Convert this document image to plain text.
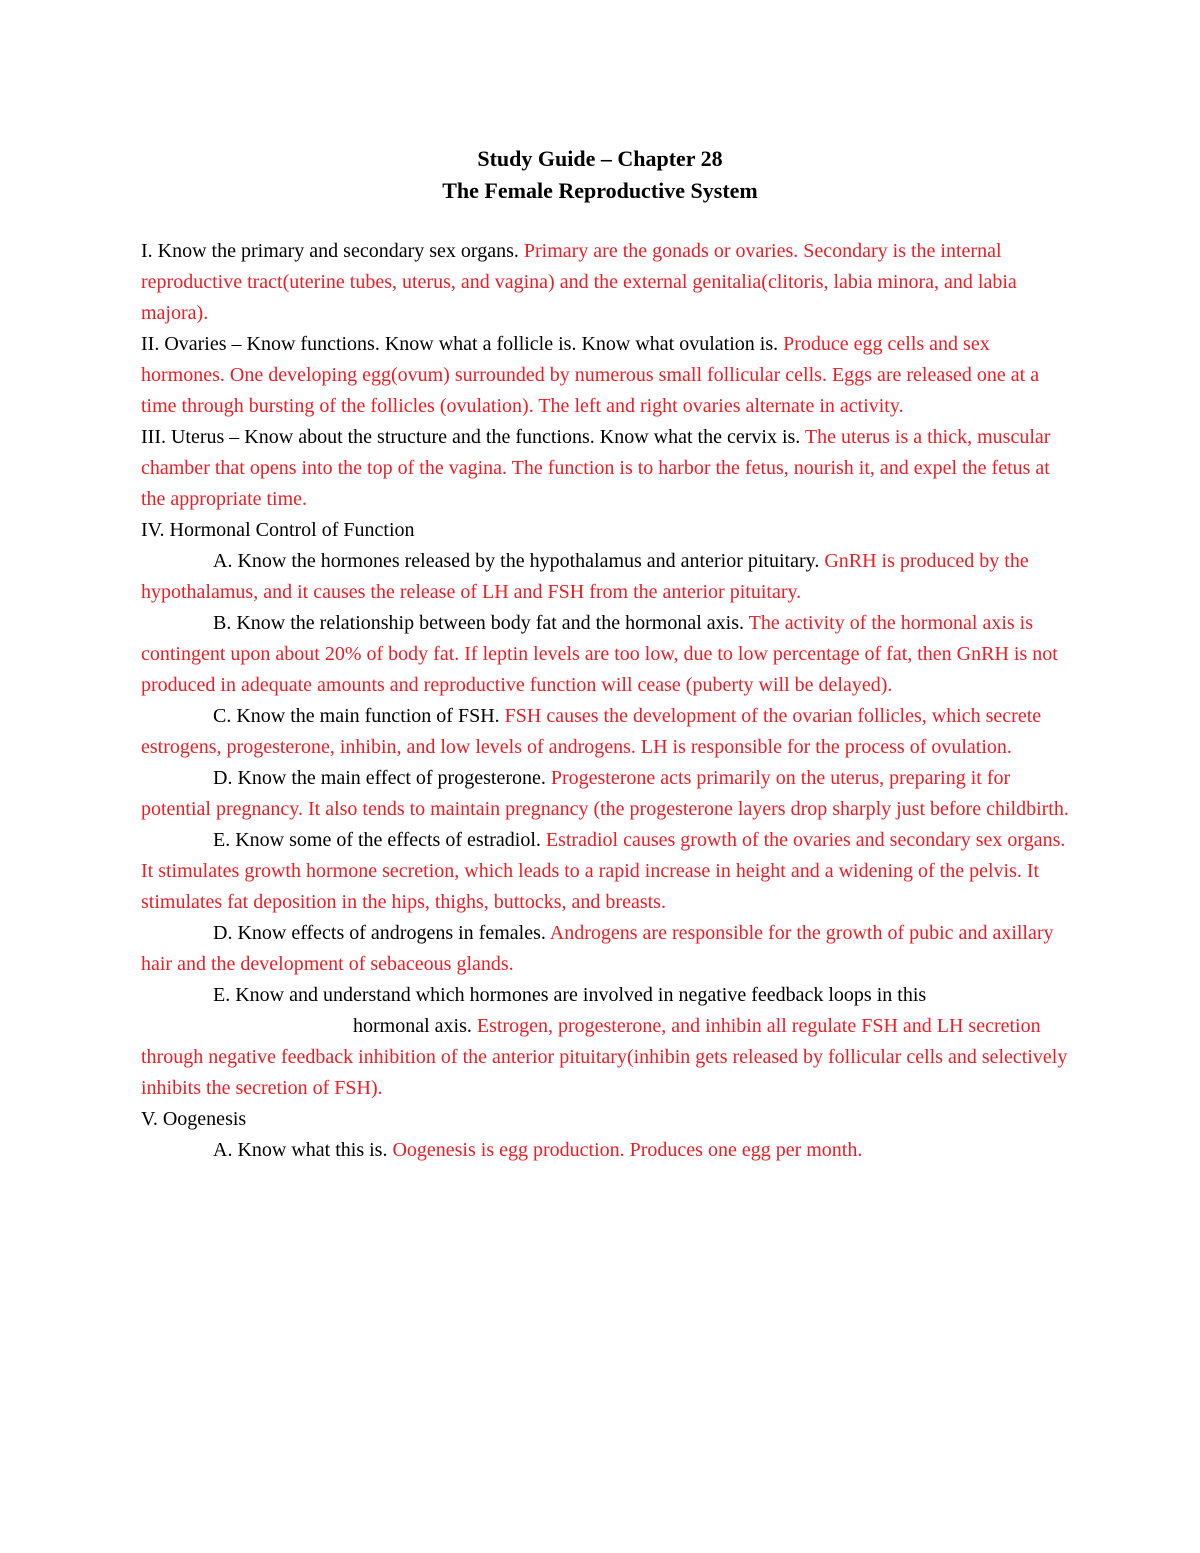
Study Guide – Chapter 28
The Female Reproductive System

I. Know the primary and secondary sex organs. Primary are the gonads or ovaries. Secondary is the internal reproductive tract(uterine tubes, uterus, and vagina) and the external genitalia(clitoris, labia minora, and labia majora).

II. Ovaries – Know functions. Know what a follicle is. Know what ovulation is. Produce egg cells and sex hormones. One developing egg(ovum) surrounded by numerous small follicular cells. Eggs are released one at a time through bursting of the follicles (ovulation). The left and right ovaries alternate in activity.

III. Uterus – Know about the structure and the functions. Know what the cervix is. The uterus is a thick, muscular chamber that opens into the top of the vagina. The function is to harbor the fetus, nourish it, and expel the fetus at the appropriate time.

IV. Hormonal Control of Function

A. Know the hormones released by the hypothalamus and anterior pituitary. GnRH is produced by the hypothalamus, and it causes the release of LH and FSH from the anterior pituitary.

B. Know the relationship between body fat and the hormonal axis. The activity of the hormonal axis is contingent upon about 20% of body fat. If leptin levels are too low, due to low percentage of fat, then GnRH is not produced in adequate amounts and reproductive function will cease (puberty will be delayed).

C. Know the main function of FSH. FSH causes the development of the ovarian follicles, which secrete estrogens, progesterone, inhibin, and low levels of androgens. LH is responsible for the process of ovulation.

D. Know the main effect of progesterone. Progesterone acts primarily on the uterus, preparing it for potential pregnancy. It also tends to maintain pregnancy (the progesterone layers drop sharply just before childbirth.

E. Know some of the effects of estradiol. Estradiol causes growth of the ovaries and secondary sex organs. It stimulates growth hormone secretion, which leads to a rapid increase in height and a widening of the pelvis. It stimulates fat deposition in the hips, thighs, buttocks, and breasts.

D. Know effects of androgens in females. Androgens are responsible for the growth of pubic and axillary hair and the development of sebaceous glands.

E. Know and understand which hormones are involved in negative feedback loops in this
hormonal axis. Estrogen, progesterone, and inhibin all regulate FSH and LH secretion through negative feedback inhibition of the anterior pituitary(inhibin gets released by follicular cells and selectively inhibits the secretion of FSH).

V. Oogenesis

A. Know what this is. Oogenesis is egg production. Produces one egg per month.
